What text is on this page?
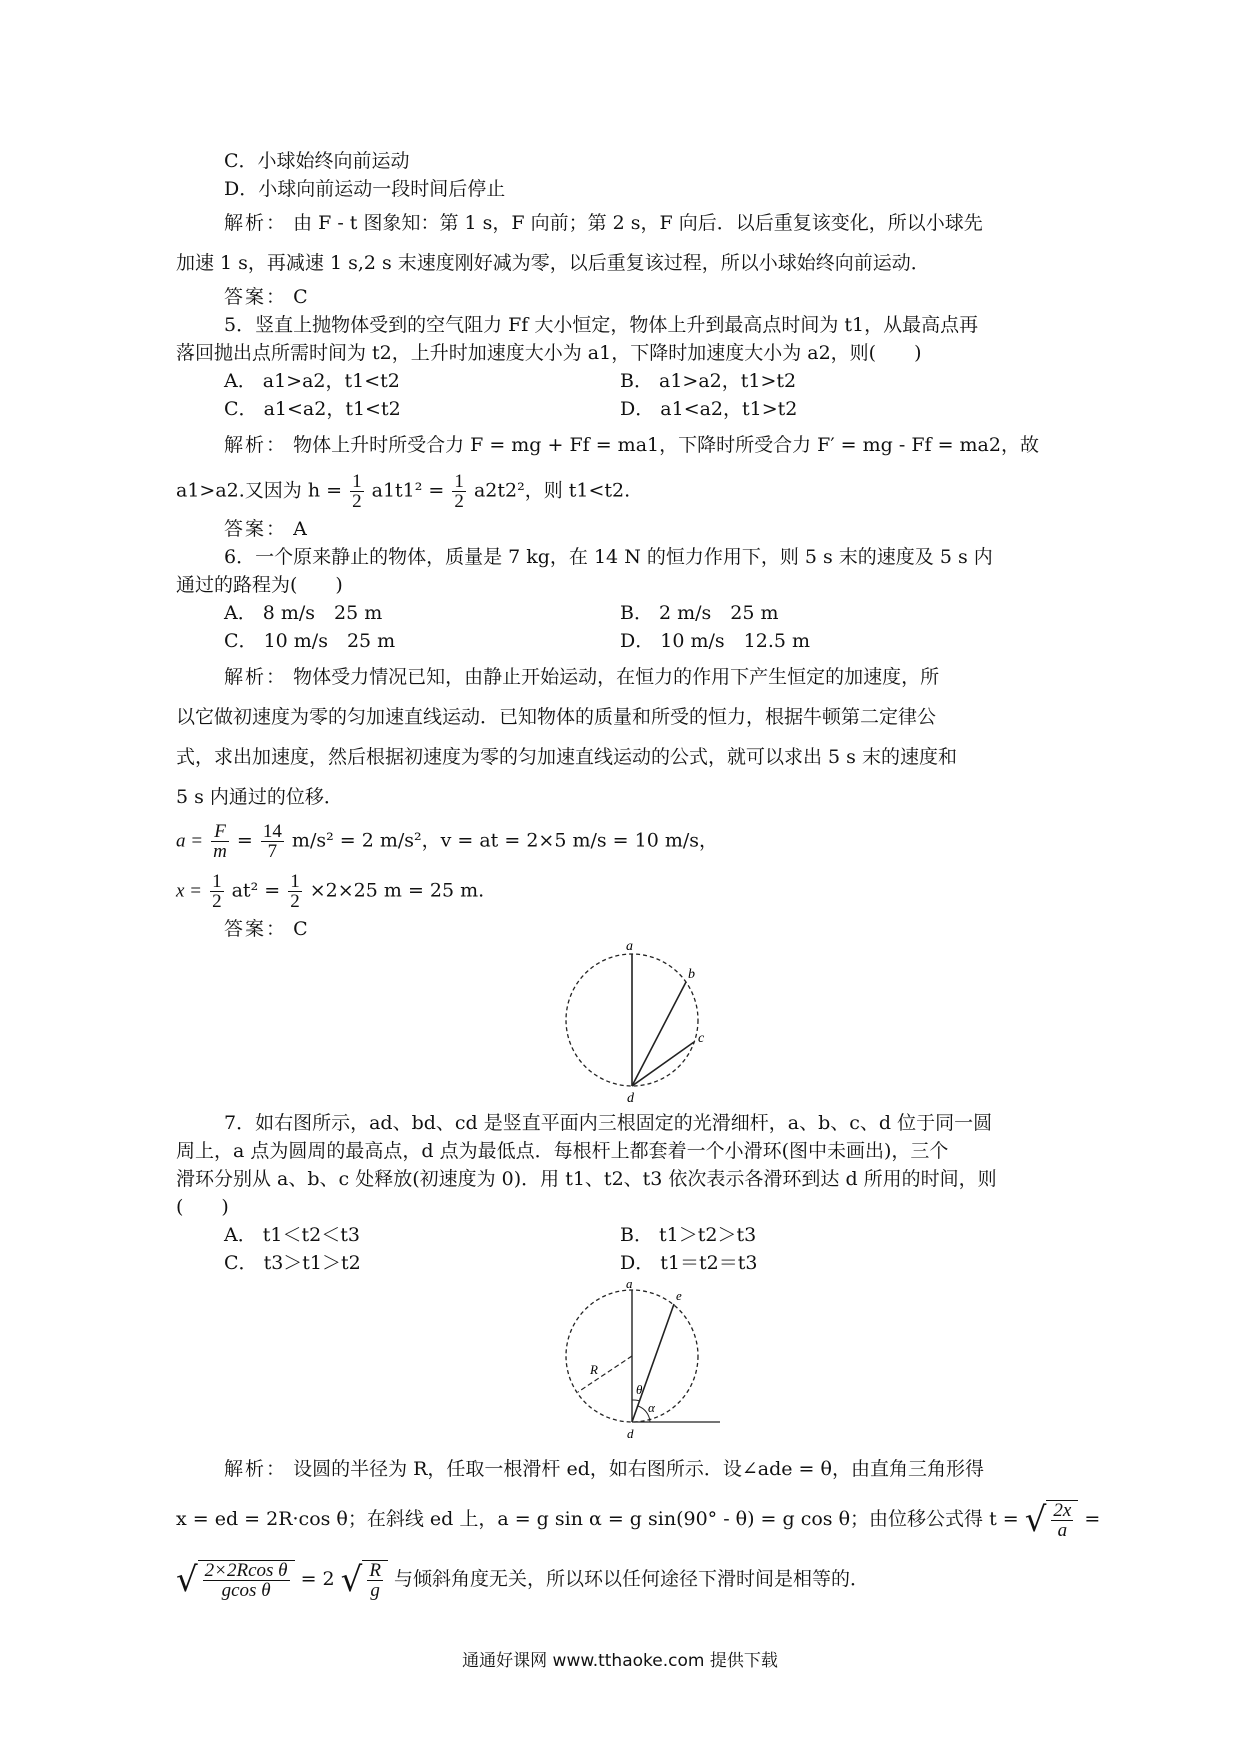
C．小球始终向前运动
D．小球向前运动一段时间后停止
解析： 由 F - t 图象知：第 1 s，F 向前；第 2 s，F 向后．以后重复该变化，所以小球先
加速 1 s，再减速 1 s,2 s 末速度刚好减为零，以后重复该过程，所以小球始终向前运动．
答案： C
5．竖直上抛物体受到的空气阻力 Ff 大小恒定，物体上升到最高点时间为 t1，从最高点再
落回抛出点所需时间为 t2，上升时加速度大小为 a1，下降时加速度大小为 a2，则(　　)
A． a1>a2，t1<t2	B． a1>a2，t1>t2
C． a1<a2，t1<t2	D． a1<a2，t1>t2
解析： 物体上升时所受合力 F = mg + Ff = ma1，下降时所受合力 F′ = mg - Ff = ma2，故
a1>a2.又因为 $h = \frac{1}{2} a1t1^2 = \frac{1}{2} a2t2^2$，则 t1<t2.
答案： A
6．一个原来静止的物体，质量是 7 kg，在 14 N 的恒力作用下，则 5 s 末的速度及 5 s 内
通过的路程为(　　)
A． 8 m/s　25 m	B． 2 m/s　25 m
C． 10 m/s　25 m	D． 10 m/s　12.5 m
解析： 物体受力情况已知，由静止开始运动，在恒力的作用下产生恒定的加速度，所
以它做初速度为零的匀加速直线运动．已知物体的质量和所受的恒力，根据牛顿第二定律公
式，求出加速度，然后根据初速度为零的匀加速直线运动的公式，就可以求出 5 s 末的速度和
5 s 内通过的位移．
$a = \frac{F}{m} = \frac{14}{7} m/s^2 = 2$ m/s²，v = at = 2×5 m/s = 10 m/s，
$x = \frac{1}{2} at^2 = \frac{1}{2} \times 2\times 25$ m = 25 m.
答案： C
a
b
c
d
7．如右图所示，ad、bd、cd 是竖直平面内三根固定的光滑细杆，a、b、c、d 位于同一圆
周上，a 点为圆周的最高点，d 点为最低点．每根杆上都套着一个小滑环(图中未画出)，三个
滑环分别从 a、b、c 处释放(初速度为 0)．用 t1、t2、t3 依次表示各滑环到达 d 所用的时间，则
(　　)
A． t1＜t2＜t3	B． t1＞t2＞t3
C． t3＞t1＞t2	D． t1＝t2＝t3
a
e
R
θ
α
d
解析： 设圆的半径为 R，任取一根滑杆 ed，如右图所示．设∠ade = θ，由直角三角形得
x = ed = 2R·cos θ；在斜线 ed 上，a = g sin α = g sin(90° - θ) = g cos θ；由位移公式得 t = √ $\frac{2x}{a}$ =
√ $\frac{\text{2×2Rcos θ}}{\text{gcos θ}} = 2$ √ $\frac{R}{g}$ 与倾斜角度无关，所以环以任何途径下滑时间是相等的．
通通好课网 www.tthaoke.com 提供下载
